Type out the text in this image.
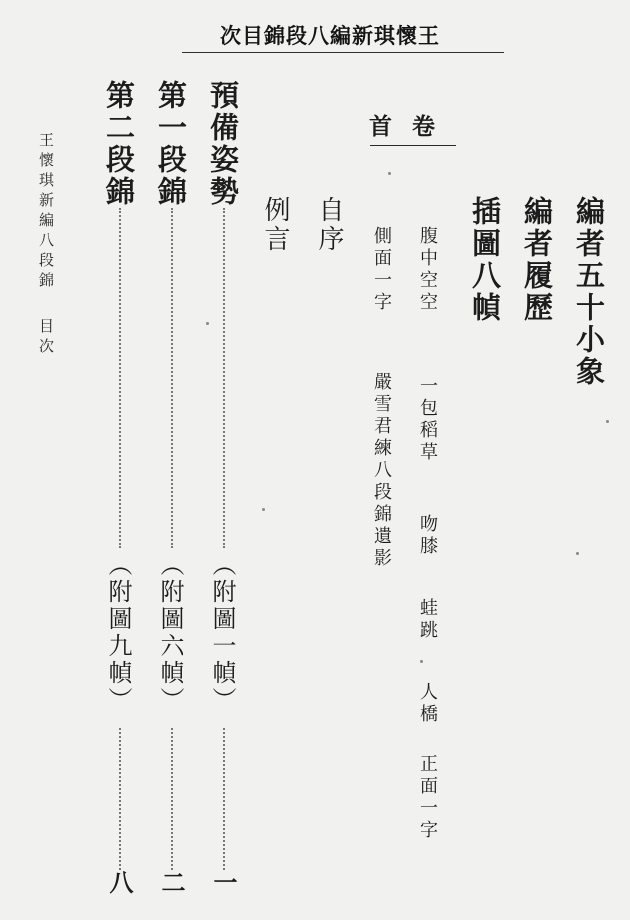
王懷琪新編八段錦目次
卷首
編者五十小象
編者履歷
插圖八幀
腹中空空
一包稻草
吻膝
蛙跳
人橋
正面一字
側面一字
嚴雪君練八段錦遺影
自序
例言
預備姿勢
（附圖一幀）
一
第一段錦
（附圖六幀）
二
第二段錦
（附圖九幀）
八
王懷琪新編八段錦
目次
